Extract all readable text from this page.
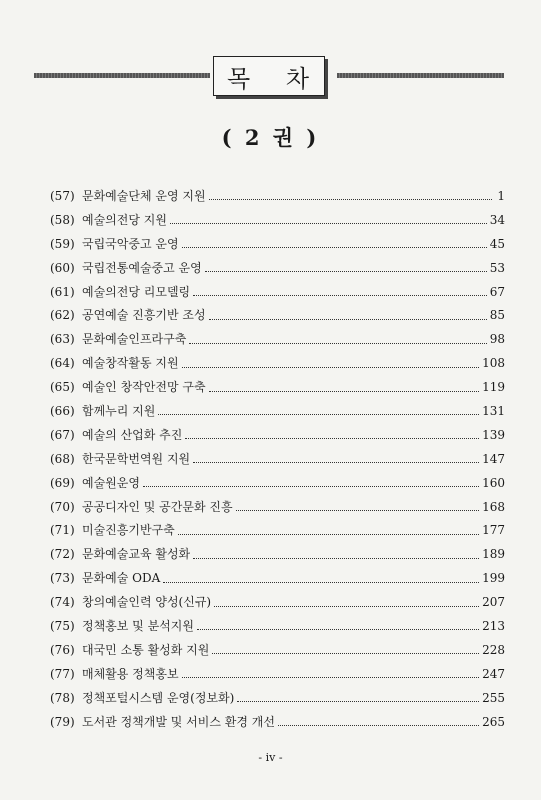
목 차
( 2 권 )
(57) 문화예술단체 운영 지원	1
(58) 예술의전당 지원	34
(59) 국립국악중고 운영	45
(60) 국립전통예술중고 운영	53
(61) 예술의전당 리모델링	67
(62) 공연예술 진흥기반 조성	85
(63) 문화예술인프라구축	98
(64) 예술창작활동 지원	108
(65) 예술인 창작안전망 구축	119
(66) 함께누리 지원	131
(67) 예술의 산업화 추진	139
(68) 한국문학번역원 지원	147
(69) 예술원운영	160
(70) 공공디자인 및 공간문화 진흥	168
(71) 미술진흥기반구축	177
(72) 문화예술교육 활성화	189
(73) 문화예술 ODA	199
(74) 창의예술인력 양성(신규)	207
(75) 정책홍보 및 분석지원	213
(76) 대국민 소통 활성화 지원	228
(77) 매체활용 정책홍보	247
(78) 정책포털시스템 운영(정보화)	255
(79) 도서관 정책개발 및 서비스 환경 개선	265
- iv -
